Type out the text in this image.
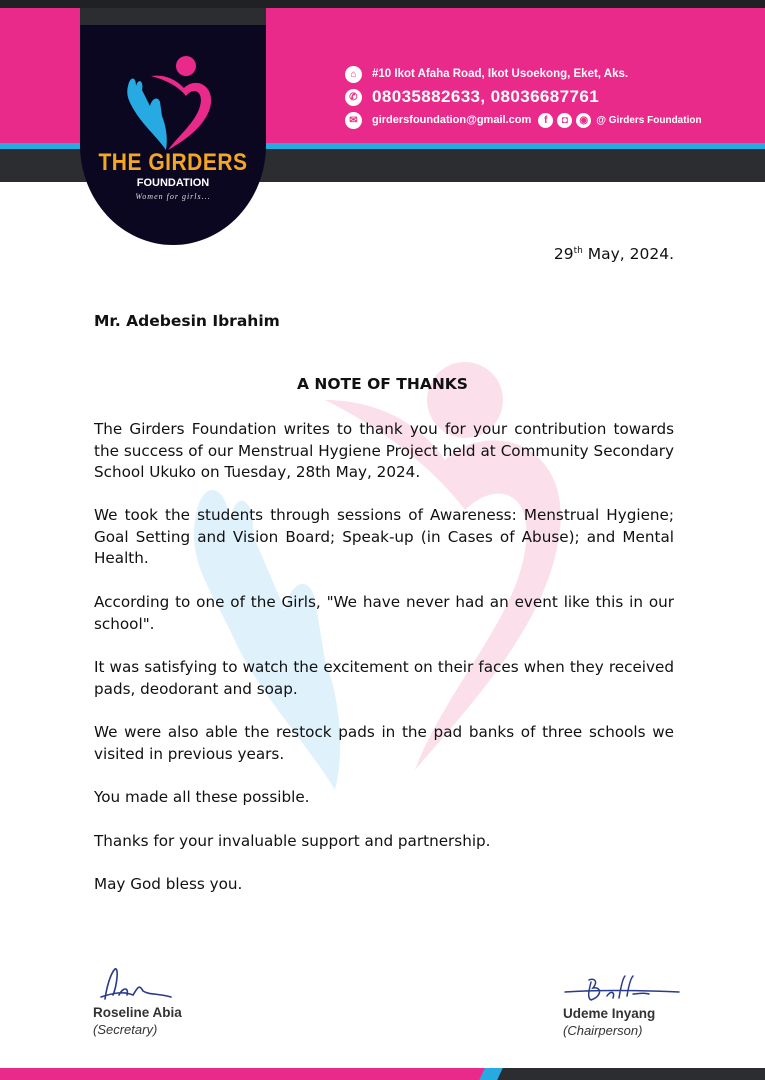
THE GIRDERS
FOUNDATION
Women for girls...
⌂	#10 Ikot Afaha Road, Ikot Usoekong, Eket, Aks.
✆ 08035882633, 08036687761
✉	girdersfoundation@gmail.com	f	◘	◉ @ Girders Foundation
29th May, 2024.
Mr. Adebesin Ibrahim
A NOTE OF THANKS
The Girders Foundation writes to thank you for your contribution towards the success of our Menstrual Hygiene Project held at Community Secondary School Ukuko on Tuesday, 28th May, 2024.
We took the students through sessions of Awareness: Menstrual Hygiene; Goal Setting and Vision Board; Speak-up (in Cases of Abuse); and Mental Health.
According to one of the Girls, "We have never had an event like this in our school".
It was satisfying to watch the excitement on their faces when they received pads, deodorant and soap.
We were also able the restock pads in the pad banks of three schools we visited in previous years.
You made all these possible.
Thanks for your invaluable support and partnership.
May God bless you.
Roseline Abia
(Secretary)
Udeme Inyang
(Chairperson)
